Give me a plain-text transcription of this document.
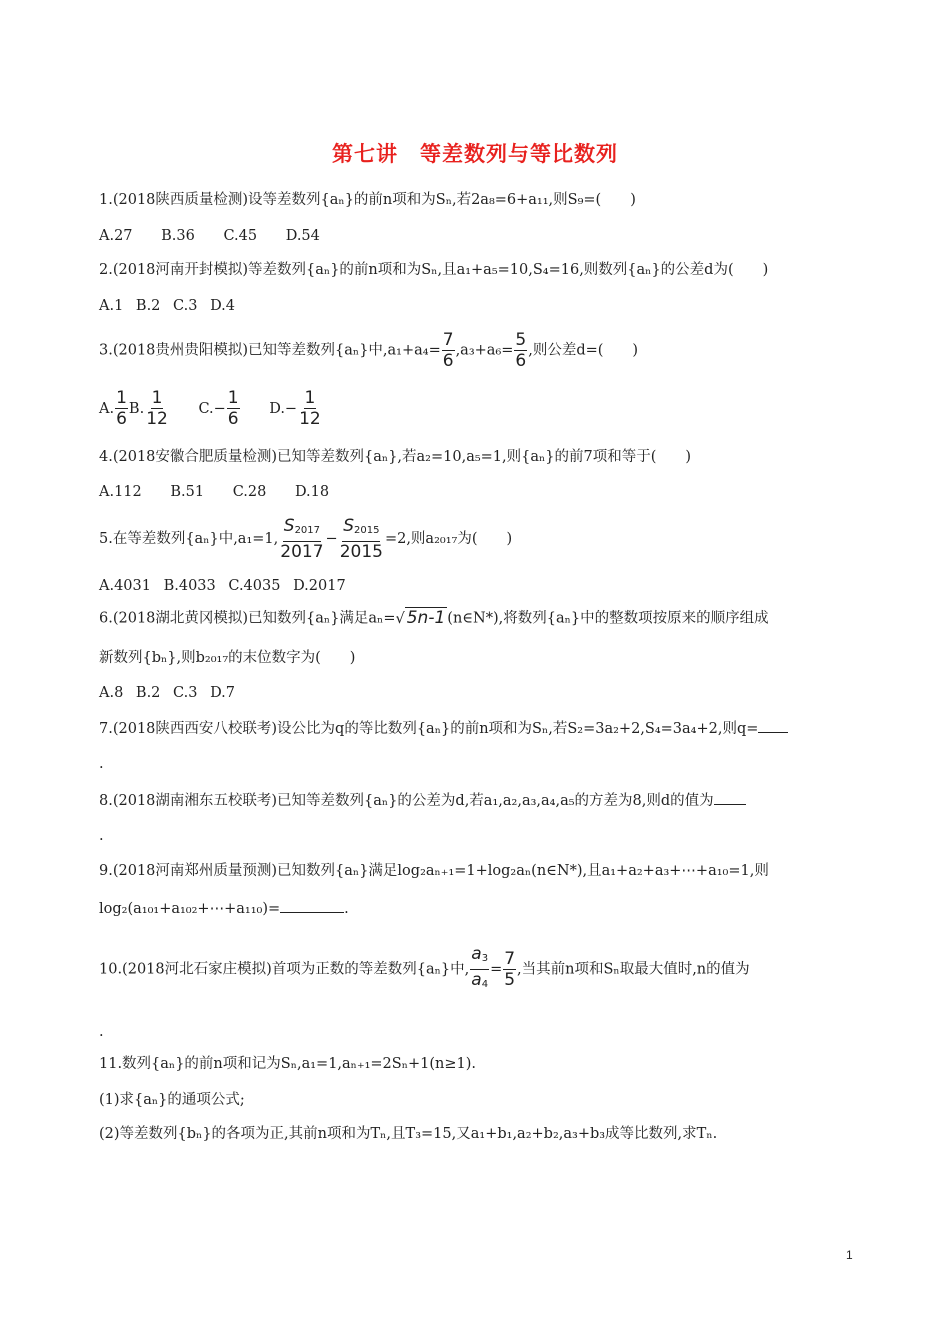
第七讲　等差数列与等比数列
1.(2018陕西质量检测)设等差数列{aₙ}的前n项和为Sₙ,若2a₈=6+a₁₁,则S₉=(　　)
A.27 B.36 C.45 D.54
2.(2018河南开封模拟)等差数列{aₙ}的前n项和为Sₙ,且a₁+a₅=10,S₄=16,则数列{aₙ}的公差d为(　　)
A.1 B.2 C.3 D.4
3.(2018贵州贵阳模拟)已知等差数列{aₙ}中$,a_1+a_4= \frac{7}{6} ,a_3+a_6= \frac{5}{6}$ ,则公差d=(　　)
A. $\frac{1}{6} B$. $\frac{1}{12} C.- \frac{1}{6} D.- \frac{1}{12}$
4.(2018安徽合肥质量检测)已知等差数列{aₙ},若a₂=10,a₅=1,则{aₙ}的前7项和等于(　　)
A.112 B.51 C.28 D.18
5.在等差数列{aₙ}中,a₁=1, $\frac{S_{2017}}{2017} - \frac{S_{2015}}{2015} =2$,则a₂₀₁₇为(　　)
A.4031 B.4033 C.4035 D.2017
6.(2018湖北黄冈模拟)已知数列{aₙ}满足aₙ=√ 5n-1 (n∈N*),将数列{aₙ}中的整数项按原来的顺序组成
新数列{bₙ},则b₂₀₁₇的末位数字为(　　)
A.8 B.2 C.3 D.7
7.(2018陕西西安八校联考)设公比为q的等比数列{aₙ}的前n项和为Sₙ,若S₂=3a₂+2,S₄=3a₄+2,则q=
.
8.(2018湖南湘东五校联考)已知等差数列{aₙ}的公差为d,若a₁,a₂,a₃,a₄,a₅的方差为8,则d的值为
.
9.(2018河南郑州质量预测)已知数列{aₙ}满足log₂aₙ₊₁=1+log₂aₙ(n∈N*),且a₁+a₂+a₃+⋯+a₁₀=1,则
log₂(a₁₀₁+a₁₀₂+⋯+a₁₁₀)=	.
10.(2018河北石家庄模拟)首项为正数的等差数列{aₙ}中, $\frac{a_3}{a_4} = \frac{7}{5}$ ,当其前n项和Sₙ取最大值时,n的值为
.
11.数列{aₙ}的前n项和记为Sₙ,a₁=1,aₙ₊₁=2Sₙ+1(n≥1).
(1)求{aₙ}的通项公式;
(2)等差数列{bₙ}的各项为正,其前n项和为Tₙ,且T₃=15,又a₁+b₁,a₂+b₂,a₃+b₃成等比数列,求Tₙ.
1
